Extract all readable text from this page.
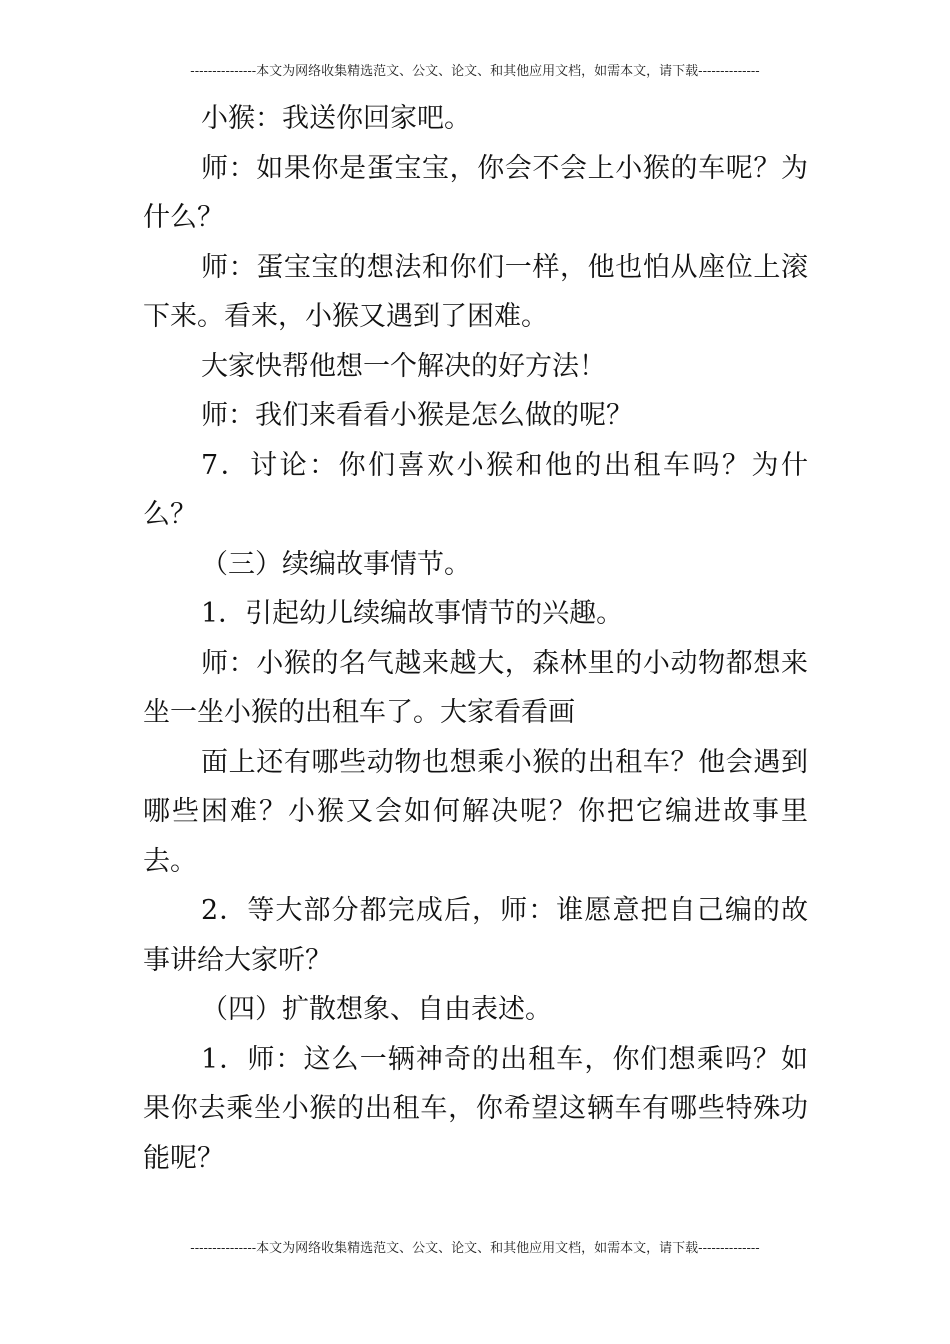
---------------本文为网络收集精选范文、公文、论文、和其他应用文档，如需本文，请下载--------------

小猴：我送你回家吧。

师：如果你是蛋宝宝，你会不会上小猴的车呢？为什么？

师：蛋宝宝的想法和你们一样，他也怕从座位上滚下来。看来，小猴又遇到了困难。

大家快帮他想一个解决的好方法！

师：我们来看看小猴是怎么做的呢？

7．讨论：你们喜欢小猴和他的出租车吗？为什么？

（三）续编故事情节。

1．引起幼儿续编故事情节的兴趣。

师：小猴的名气越来越大，森林里的小动物都想来坐一坐小猴的出租车了。大家看看画

面上还有哪些动物也想乘小猴的出租车？他会遇到哪些困难？小猴又会如何解决呢？你把它编进故事里去。

2．等大部分都完成后，师：谁愿意把自己编的故事讲给大家听？

（四）扩散想象、自由表述。

1．师：这么一辆神奇的出租车，你们想乘吗？如果你去乘坐小猴的出租车，你希望这辆车有哪些特殊功能呢？

---------------本文为网络收集精选范文、公文、论文、和其他应用文档，如需本文，请下载--------------
